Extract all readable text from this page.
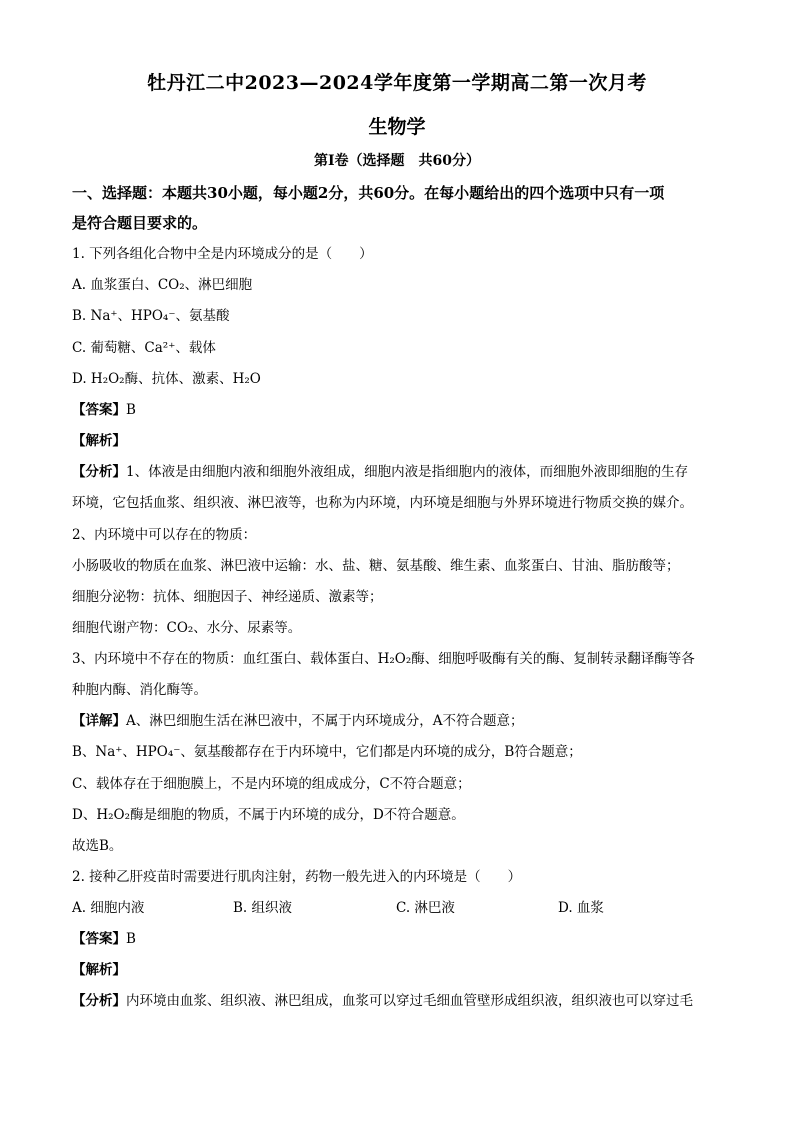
牡丹江二中2023—2024学年度第一学期高二第一次月考
生物学
第Ⅰ卷（选择题　共60分）
一、选择题：本题共30小题，每小题2分，共60分。在每小题给出的四个选项中只有一项
是符合题目要求的。
1. 下列各组化合物中全是内环境成分的是（　　）
A. 血浆蛋白、CO₂、淋巴细胞
B. Na⁺、HPO₄⁻、氨基酸
C. 葡萄糖、Ca²⁺、载体
D. H₂O₂酶、抗体、激素、H₂O
【答案】B
【解析】
【分析】1、体液是由细胞内液和细胞外液组成，细胞内液是指细胞内的液体，而细胞外液即细胞的生存
环境，它包括血浆、组织液、淋巴液等，也称为内环境，内环境是细胞与外界环境进行物质交换的媒介。
2、内环境中可以存在的物质：
小肠吸收的物质在血浆、淋巴液中运输：水、盐、糖、氨基酸、维生素、血浆蛋白、甘油、脂肪酸等；
细胞分泌物：抗体、细胞因子、神经递质、激素等；
细胞代谢产物：CO₂、水分、尿素等。
3、内环境中不存在的物质：血红蛋白、载体蛋白、H₂O₂酶、细胞呼吸酶有关的酶、复制转录翻译酶等各
种胞内酶、消化酶等。
【详解】A、淋巴细胞生活在淋巴液中，不属于内环境成分，A不符合题意；
B、Na⁺、HPO₄⁻、氨基酸都存在于内环境中，它们都是内环境的成分，B符合题意；
C、载体存在于细胞膜上，不是内环境的组成成分，C不符合题意；
D、H₂O₂酶是细胞的物质，不属于内环境的成分，D不符合题意。
故选B。
2. 接种乙肝疫苗时需要进行肌肉注射，药物一般先进入的内环境是（　　）
A. 细胞内液	B. 组织液	C. 淋巴液	D. 血浆
【答案】B
【解析】
【分析】内环境由血浆、组织液、淋巴组成，血浆可以穿过毛细血管壁形成组织液，组织液也可以穿过毛
